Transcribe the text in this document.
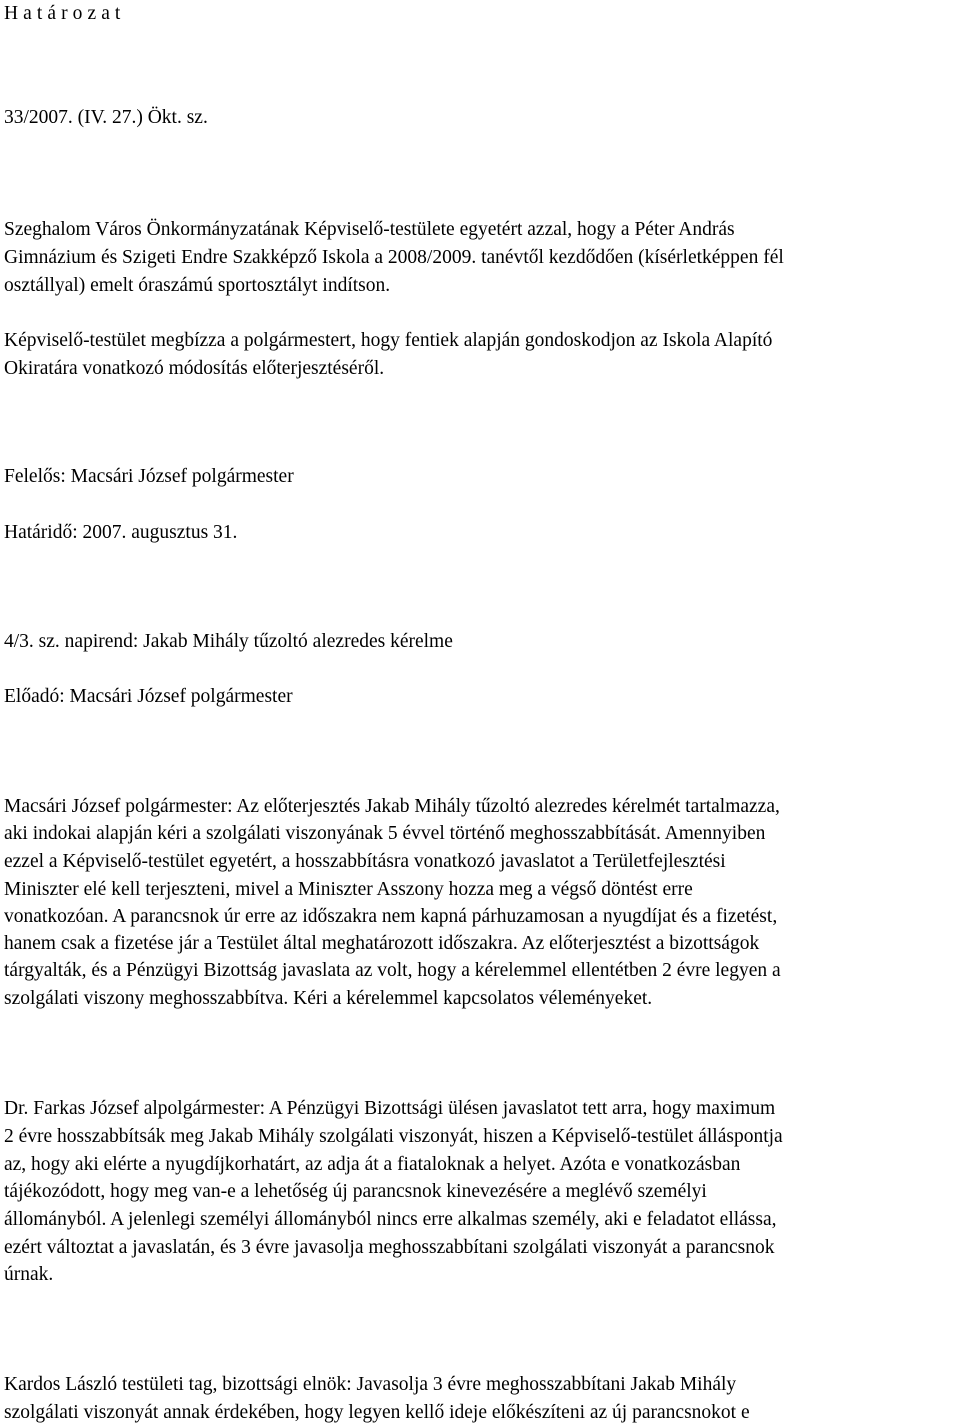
Határozat
33/2007. (IV. 27.) Ökt. sz.
Szeghalom Város Önkormányzatának Képviselő-testülete egyetért azzal, hogy a Péter András
Gimnázium és Szigeti Endre Szakképző Iskola a 2008/2009. tanévtől kezdődően (kísérletképpen fél
osztállyal) emelt óraszámú sportosztályt indítson.
Képviselő-testület megbízza a polgármestert, hogy fentiek alapján gondoskodjon az Iskola Alapító
Okiratára vonatkozó módosítás előterjesztéséről.
Felelős: Macsári József polgármester
Határidő: 2007. augusztus 31.
4/3. sz. napirend: Jakab Mihály tűzoltó alezredes kérelme
Előadó: Macsári József polgármester
Macsári József polgármester: Az előterjesztés Jakab Mihály tűzoltó alezredes kérelmét tartalmazza,
aki indokai alapján kéri a szolgálati viszonyának 5 évvel történő meghosszabbítását. Amennyiben
ezzel a Képviselő-testület egyetért, a hosszabbításra vonatkozó javaslatot a Területfejlesztési
Miniszter elé kell terjeszteni, mivel a Miniszter Asszony hozza meg a végső döntést erre
vonatkozóan. A parancsnok úr erre az időszakra nem kapná párhuzamosan a nyugdíjat és a fizetést,
hanem csak a fizetése jár a Testület által meghatározott időszakra. Az előterjesztést a bizottságok
tárgyalták, és a Pénzügyi Bizottság javaslata az volt, hogy a kérelemmel ellentétben 2 évre legyen a
szolgálati viszony meghosszabbítva. Kéri a kérelemmel kapcsolatos véleményeket.
Dr. Farkas József alpolgármester: A Pénzügyi Bizottsági ülésen javaslatot tett arra, hogy maximum
2 évre hosszabbítsák meg Jakab Mihály szolgálati viszonyát, hiszen a Képviselő-testület álláspontja
az, hogy aki elérte a nyugdíjkorhatárt, az adja át a fiataloknak a helyet. Azóta e vonatkozásban
tájékozódott, hogy meg van-e a lehetőség új parancsnok kinevezésére a meglévő személyi
állományból. A jelenlegi személyi állományból nincs erre alkalmas személy, aki e feladatot ellássa,
ezért változtat a javaslatán, és 3 évre javasolja meghosszabbítani szolgálati viszonyát a parancsnok
úrnak.
Kardos László testületi tag, bizottsági elnök: Javasolja 3 évre meghosszabbítani Jakab Mihály
szolgálati viszonyát annak érdekében, hogy legyen kellő ideje előkészíteni az új parancsnokot e
